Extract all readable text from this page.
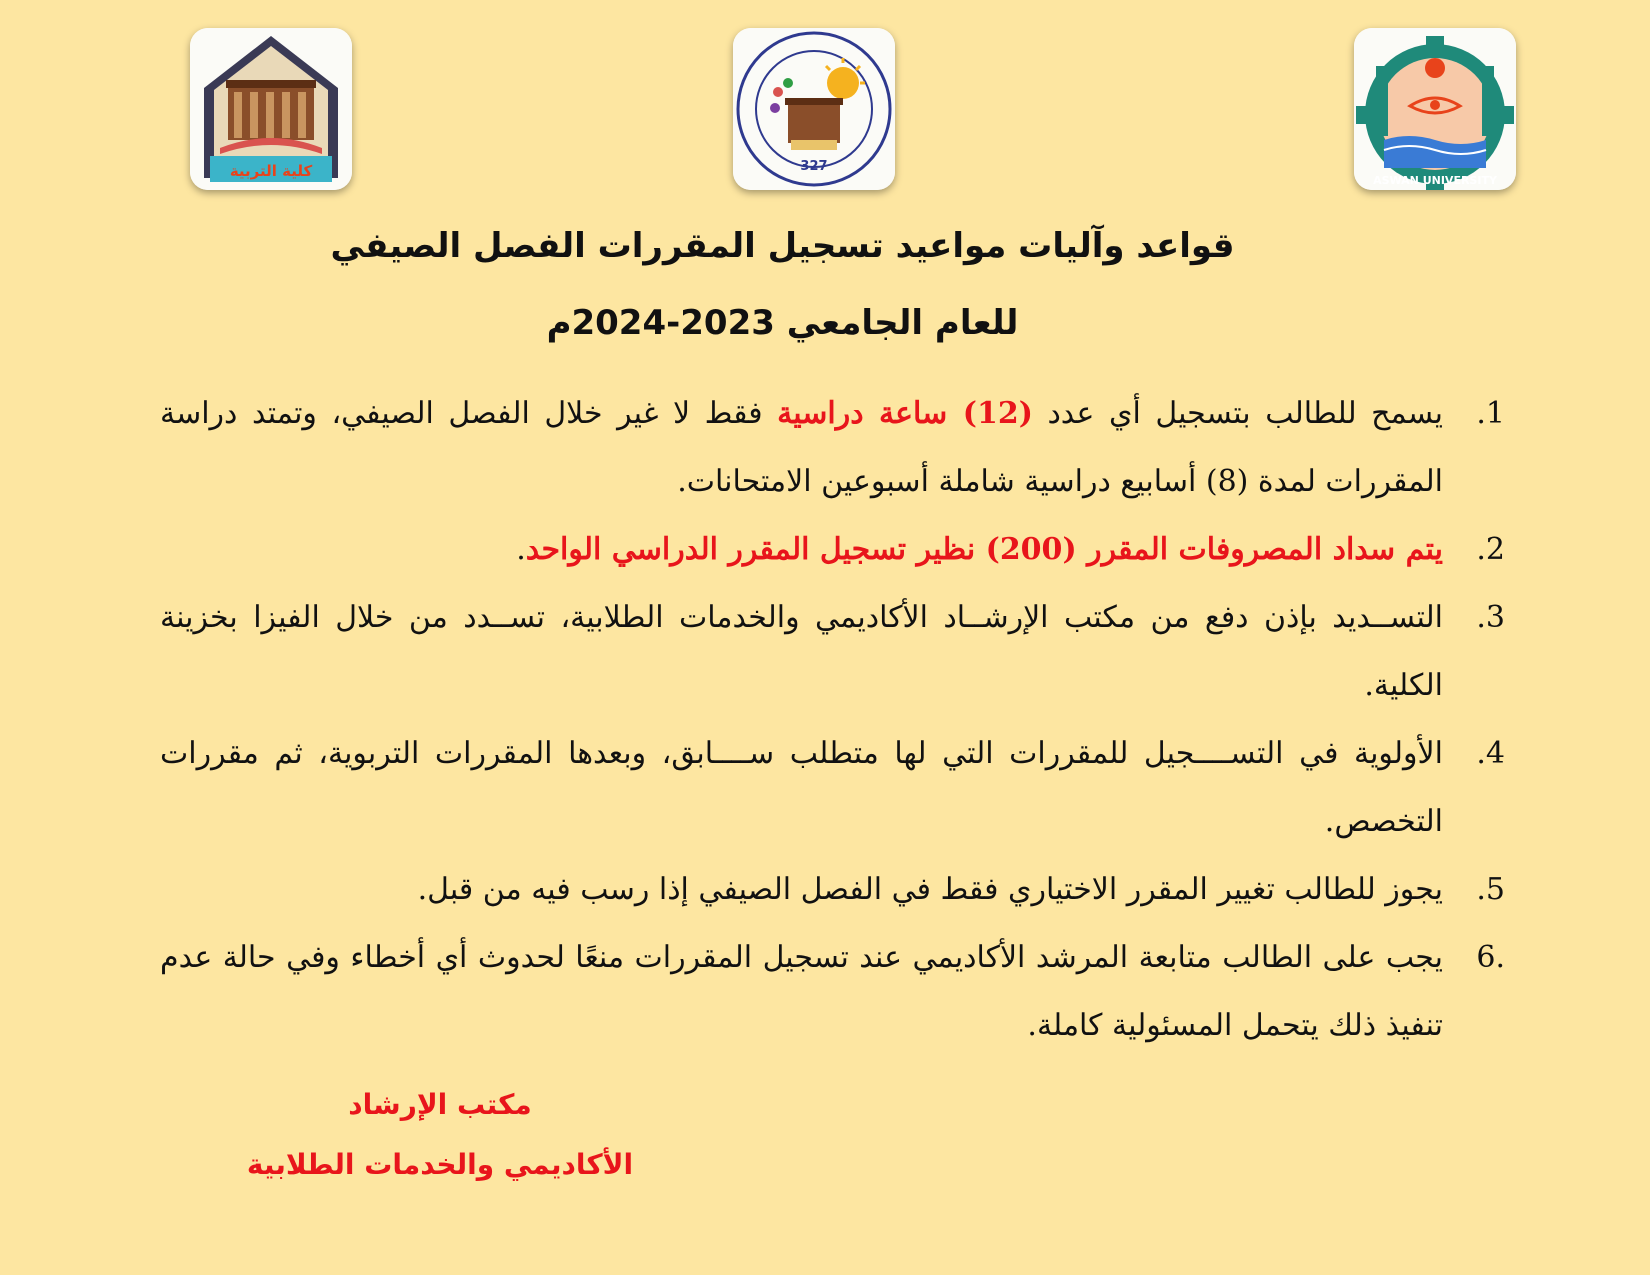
كلية التربية	327
ASWAN UNIVERSITY
قواعد وآليات مواعيد تسجيل المقررات الفصل الصيفي
للعام الجامعي 2023-2024م
1.
يسمح للطالب بتسجيل أي عدد (12) ساعة دراسية فقط لا غير خلال الفصل الصيفي، وتمتد دراسة المقررات لمدة (8) أسابيع دراسية شاملة أسبوعين الامتحانات.
2.
يتم سداد المصروفات المقرر (200) نظير تسجيل المقرر الدراسي الواحد.
3.
التســديد بإذن دفع من مكتب الإرشــاد الأكاديمي والخدمات الطلابية، تســدد من خلال الفيزا بخزينة الكلية.
4.
الأولوية في التســــجيل للمقررات التي لها متطلب ســــابق، وبعدها المقررات التربوية، ثم مقررات التخصص.
5.
يجوز للطالب تغيير المقرر الاختياري فقط في الفصل الصيفي إذا رسب فيه من قبل.
.6
يجب على الطالب متابعة المرشد الأكاديمي عند تسجيل المقررات منعًا لحدوث أي أخطاء وفي حالة عدم تنفيذ ذلك يتحمل المسئولية كاملة.
مكتب الإرشاد
الأكاديمي والخدمات الطلابية
